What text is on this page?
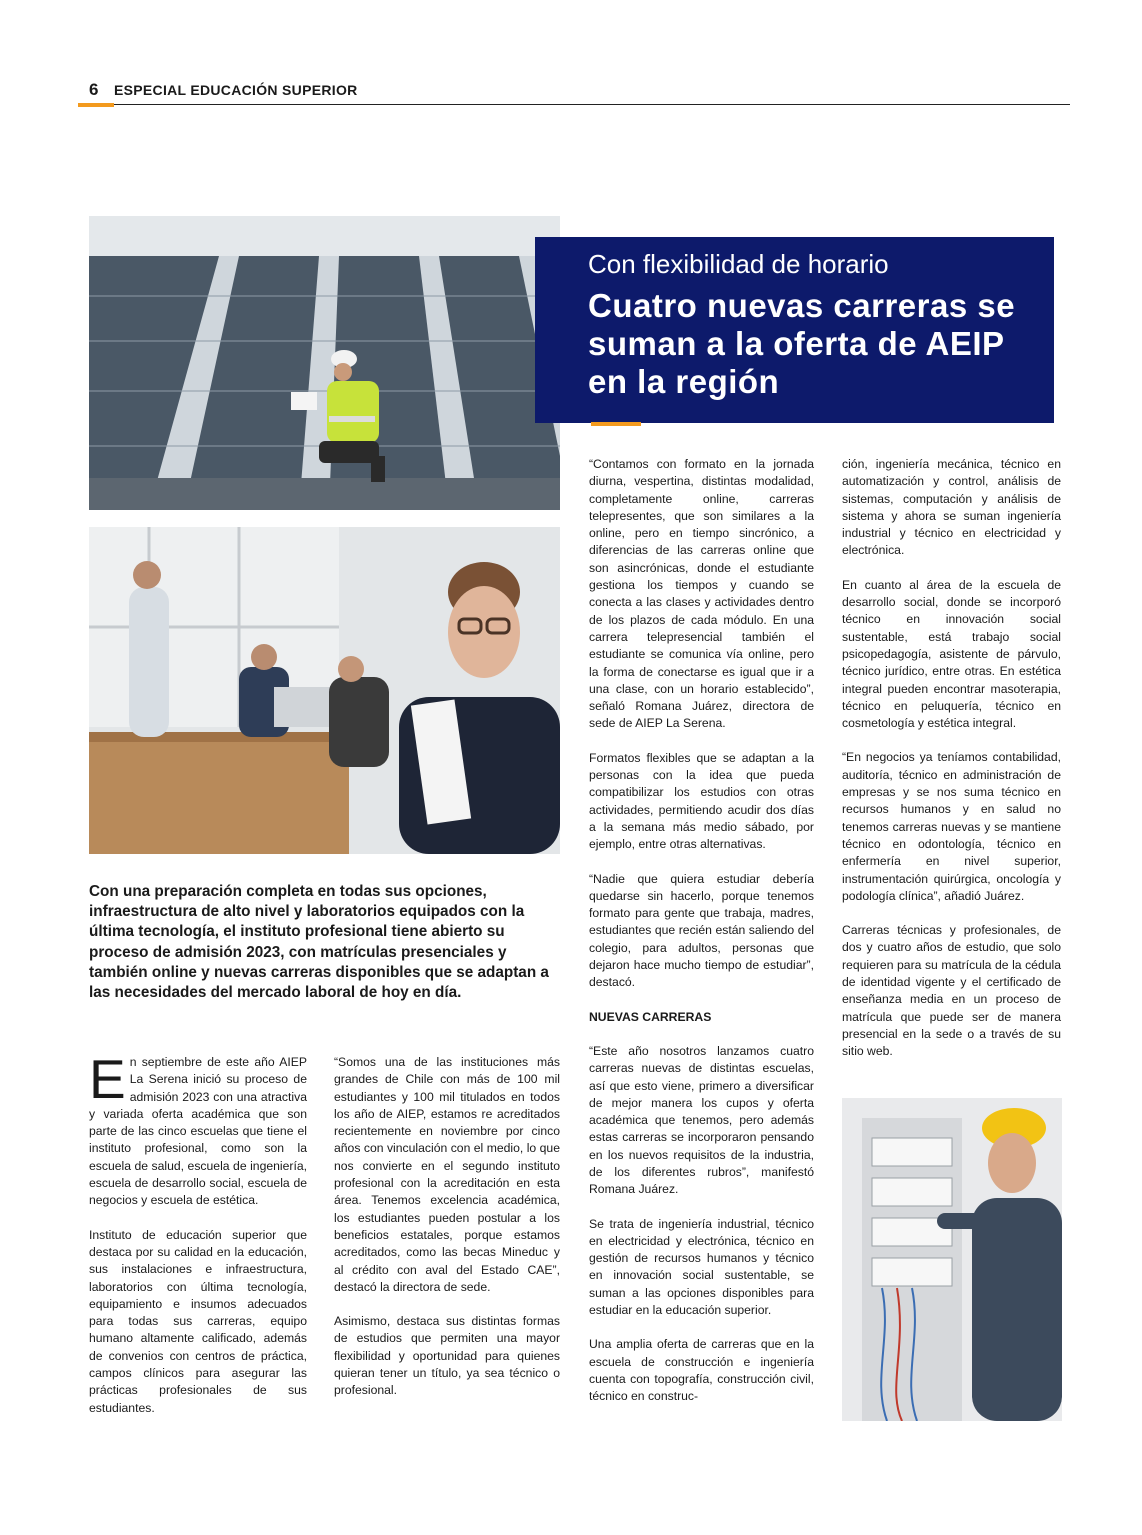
6 ESPECIAL EDUCACIÓN SUPERIOR

Con flexibilidad de horario

Cuatro nuevas carreras se suman a la oferta de AEIP en la región

Con una preparación completa en todas sus opciones, infraestructura de alto nivel y laboratorios equipados con la última tecnología, el instituto profesional tiene abierto su proceso de admisión 2023, con matrículas presenciales y también online y nuevas carreras disponibles que se adaptan a las necesidades del mercado laboral de hoy en día.

En septiembre de este año AIEP La Serena inició su proceso de admisión 2023 con una atractiva y variada oferta académica que son parte de las cinco escuelas que tiene el instituto profesional, como son la escuela de salud, escuela de ingeniería, escuela de desarrollo social, escuela de negocios y escuela de estética.

Instituto de educación superior que destaca por su calidad en la educación, sus instalaciones e infraestructura, laboratorios con última tecnología, equipamiento e insumos adecuados para todas sus carreras, equipo humano altamente calificado, además de convenios con centros de práctica, campos clínicos para asegurar las prácticas profesionales de sus estudiantes.

“Somos una de las instituciones más grandes de Chile con más de 100 mil estudiantes y 100 mil titulados en todos los año de AIEP, estamos re acreditados recientemente en noviembre por cinco años con vinculación con el medio, lo que nos convierte en el segundo instituto profesional con la acreditación en esta área. Tenemos excelencia académica, los estudiantes pueden postular a los beneficios estatales, porque estamos acreditados, como las becas Mineduc y al crédito con aval del Estado CAE”, destacó la directora de sede.

Asimismo, destaca sus distintas formas de estudios que permiten una mayor flexibilidad y oportunidad para quienes quieran tener un título, ya sea técnico o profesional.

“Contamos con formato en la jornada diurna, vespertina, distintas modalidad, completamente online, carreras telepresentes, que son similares a la online, pero en tiempo sincrónico, a diferencias de las carreras online que son asincrónicas, donde el estudiante gestiona los tiempos y cuando se conecta a las clases y actividades dentro de los plazos de cada módulo. En una carrera telepresencial también el estudiante se comunica vía online, pero la forma de conectarse es igual que ir a una clase, con un horario establecido”, señaló Romana Juárez, directora de sede de AIEP La Serena.

Formatos flexibles que se adaptan a la personas con la idea que pueda compatibilizar los estudios con otras actividades, permitiendo acudir dos días a la semana más medio sábado, por ejemplo, entre otras alternativas.

“Nadie que quiera estudiar debería quedarse sin hacerlo, porque tenemos formato para gente que trabaja, madres, estudiantes que recién están saliendo del colegio, para adultos, personas que dejaron hace mucho tiempo de estudiar”, destacó.

NUEVAS CARRERAS

“Este año nosotros lanzamos cuatro carreras nuevas de distintas escuelas, así que esto viene, primero a diversificar de mejor manera los cupos y oferta académica que tenemos, pero además estas carreras se incorporaron pensando en los nuevos requisitos de la industria, de los diferentes rubros”, manifestó Romana Juárez.

Se trata de ingeniería industrial, técnico en electricidad y electrónica, técnico en gestión de recursos humanos y técnico en innovación social sustentable, se suman a las opciones disponibles para estudiar en la educación superior.

Una amplia oferta de carreras que en la escuela de construcción e ingeniería cuenta con topografía, construcción civil, técnico en construc-

ción, ingeniería mecánica, técnico en automatización y control, análisis de sistemas, computación y análisis de sistema y ahora se suman ingeniería industrial y técnico en electricidad y electrónica.

En cuanto al área de la escuela de desarrollo social, donde se incorporó técnico en innovación social sustentable, está trabajo social psicopedagogía, asistente de párvulo, técnico jurídico, entre otras. En estética integral pueden encontrar masoterapia, técnico en peluquería, técnico en cosmetología y estética integral.

“En negocios ya teníamos contabilidad, auditoría, técnico en administración de empresas y se nos suma técnico en recursos humanos y en salud no tenemos carreras nuevas y se mantiene técnico en odontología, técnico en enfermería en nivel superior, instrumentación quirúrgica, oncología y podología clínica”, añadió Juárez.

Carreras técnicas y profesionales, de dos y cuatro años de estudio, que solo requieren para su matrícula de la cédula de identidad vigente y el certificado de enseñanza media en un proceso de matrícula que puede ser de manera presencial en la sede o a través de su sitio web.
